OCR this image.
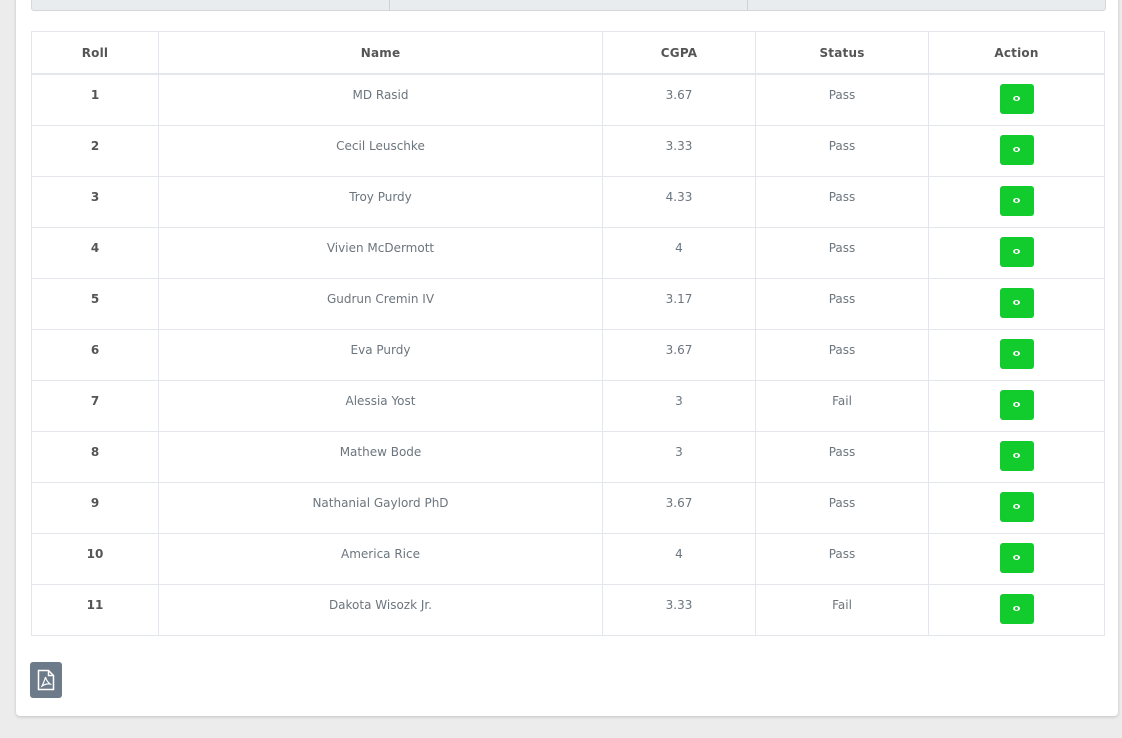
Roll	Name	CGPA	Status	Action
1	MD Rasid	3.67	Pass	

2	Cecil Leuschke	3.33	Pass	

3	Troy Purdy	4.33	Pass	

4	Vivien McDermott	4	Pass	

5	Gudrun Cremin IV	3.17	Pass	

6	Eva Purdy	3.67	Pass	

7	Alessia Yost	3	Fail	

8	Mathew Bode	3	Pass	

9	Nathanial Gaylord PhD	3.67	Pass	

10	America Rice	4	Pass	

11	Dakota Wisozk Jr.	3.33	Fail	
